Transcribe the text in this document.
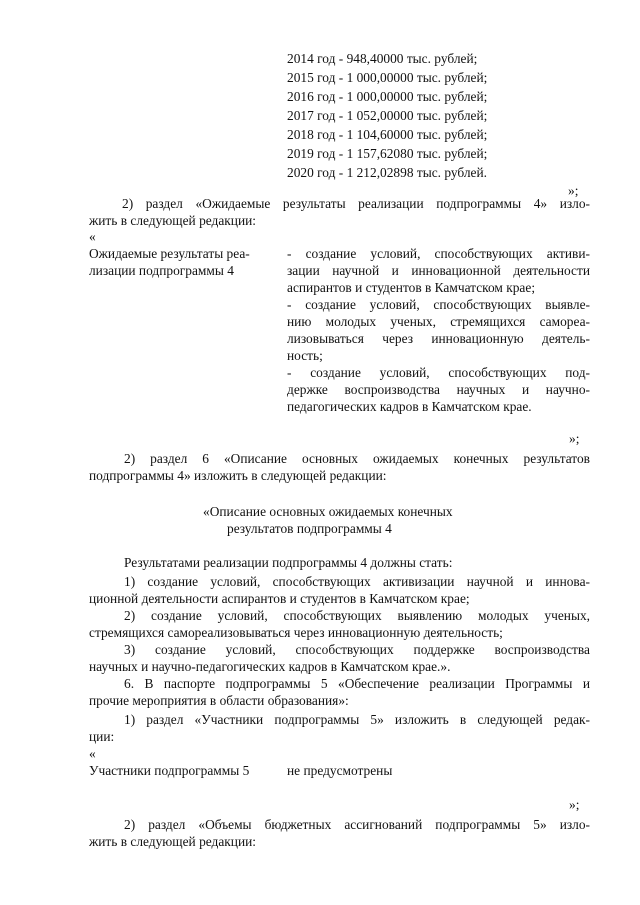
2014 год - 948,40000 тыс. рублей;
2015 год - 1 000,00000 тыс. рублей;
2016 год - 1 000,00000 тыс. рублей;
2017 год - 1 052,00000 тыс. рублей;
2018 год - 1 104,60000 тыс. рублей;
2019 год - 1 157,62080 тыс. рублей;
2020 год - 1 212,02898 тыс. рублей.
»;
2) раздел «Ожидаемые результаты реализации подпрограммы 4» изло-
жить в следующей редакции:
«
Ожидаемые результаты реа-
лизации подпрограммы 4
- создание условий, способствующих активи-
зации научной и инновационной деятельности
аспирантов и студентов в Камчатском крае;
- создание условий, способствующих выявле-
нию молодых ученых, стремящихся самореа-
лизовываться через инновационную деятель-
ность;
- создание условий, способствующих под-
держке воспроизводства научных и научно-
педагогических кадров в Камчатском крае.
»;
2) раздел 6 «Описание основных ожидаемых конечных результатов
подпрограммы 4» изложить в следующей редакции:
«Описание основных ожидаемых конечных
результатов подпрограммы 4
Результатами реализации подпрограммы 4 должны стать:
1) создание условий, способствующих активизации научной и иннова-
ционной деятельности аспирантов и студентов в Камчатском крае;
2) создание условий, способствующих выявлению молодых ученых,
стремящихся самореализовываться через инновационную деятельность;
3) создание условий, способствующих поддержке воспроизводства
научных и научно-педагогических кадров в Камчатском крае.».
6. В паспорте подпрограммы 5 «Обеспечение реализации Программы и
прочие мероприятия в области образования»:
1) раздел «Участники подпрограммы 5» изложить в следующей редак-
ции:
«
Участники подпрограммы 5	не предусмотрены
»;
2) раздел «Объемы бюджетных ассигнований подпрограммы 5» изло-
жить в следующей редакции:
